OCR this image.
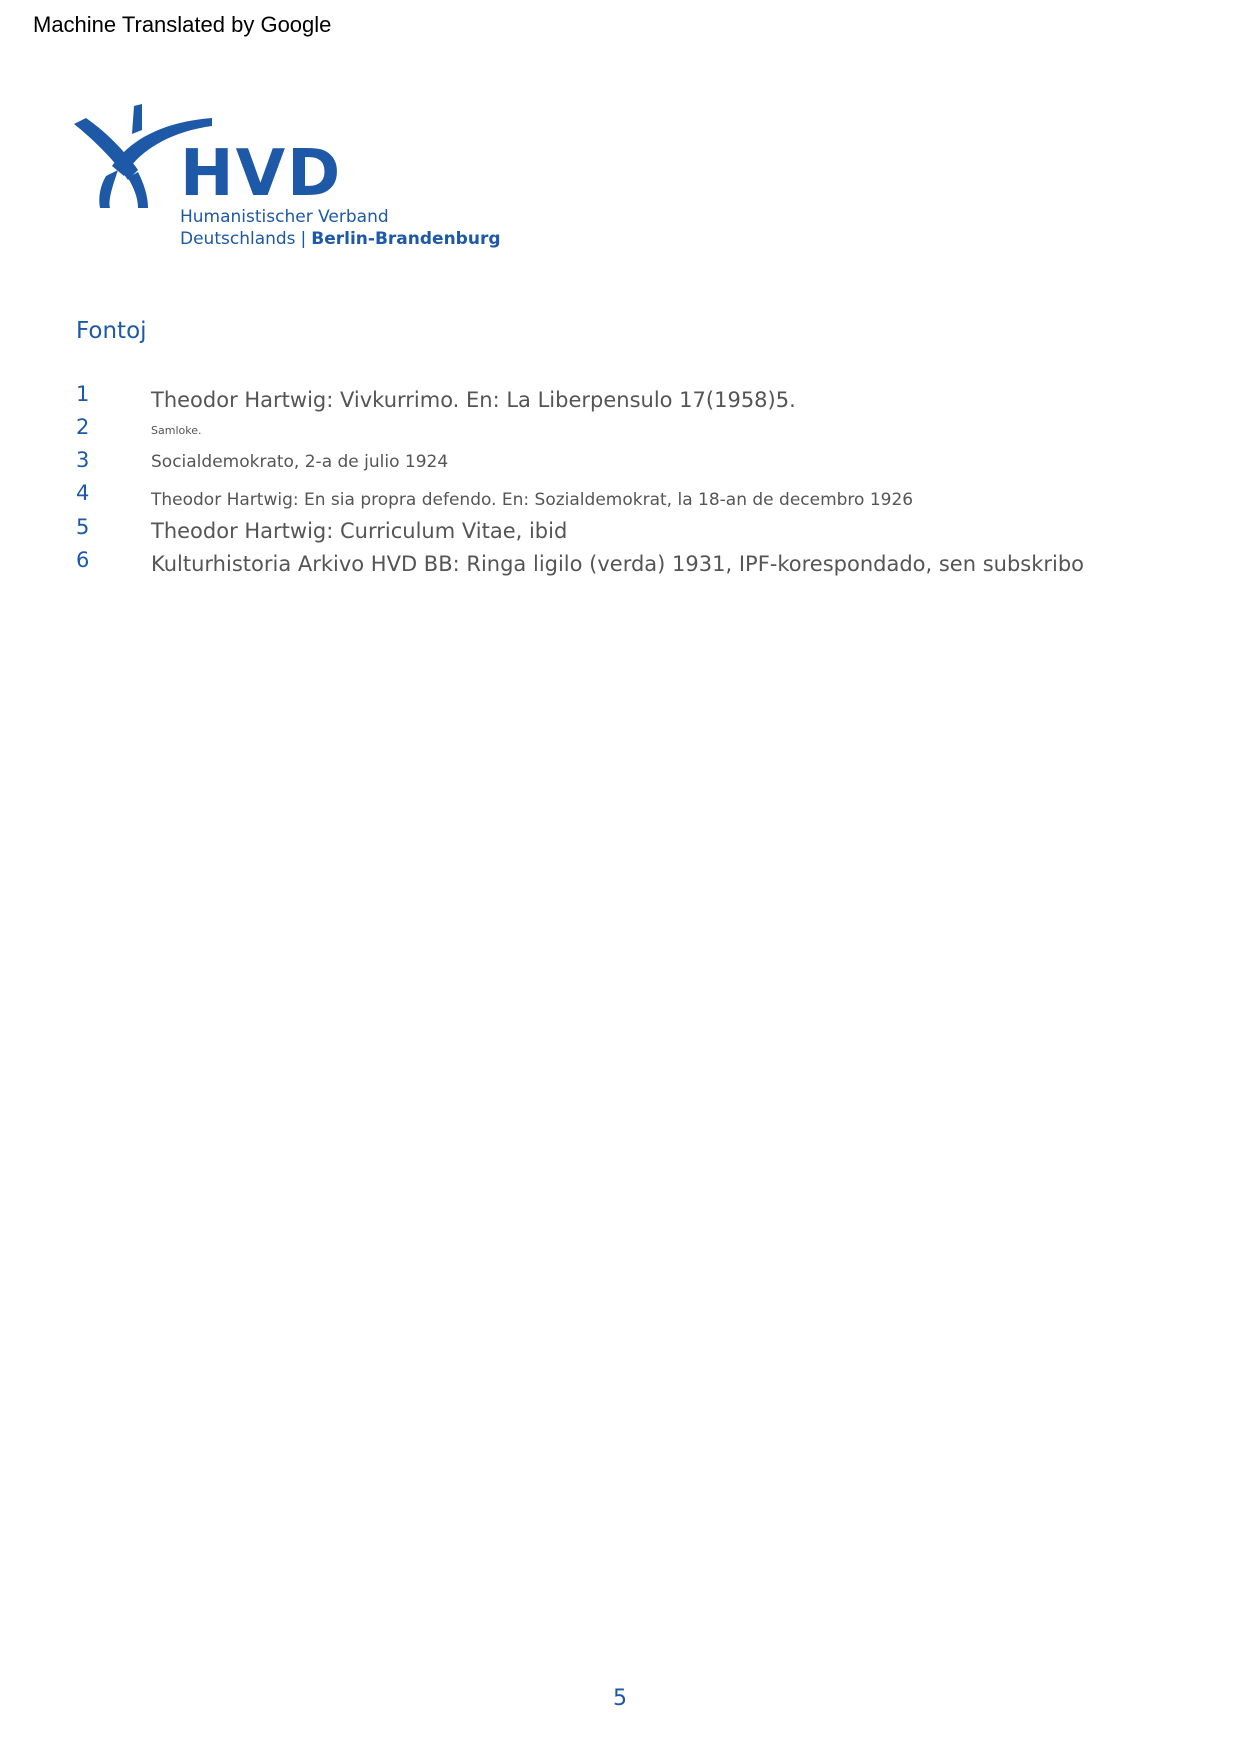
Machine Translated by Google
HVD
Humanistischer Verband
Deutschlands | Berlin-Brandenburg
Fontoj
1	Theodor Hartwig: Vivkurrimo. En: La Liberpensulo 17(1958)5.
2	Samloke.
3	Socialdemokrato, 2-a de julio 1924
4	Theodor Hartwig: En sia propra defendo. En: Sozialdemokrat, la 18-an de decembro 1926
5	Theodor Hartwig: Curriculum Vitae, ibid
6	Kulturhistoria Arkivo HVD BB: Ringa ligilo (verda) 1931, IPF-korespondado, sen subskribo
5
